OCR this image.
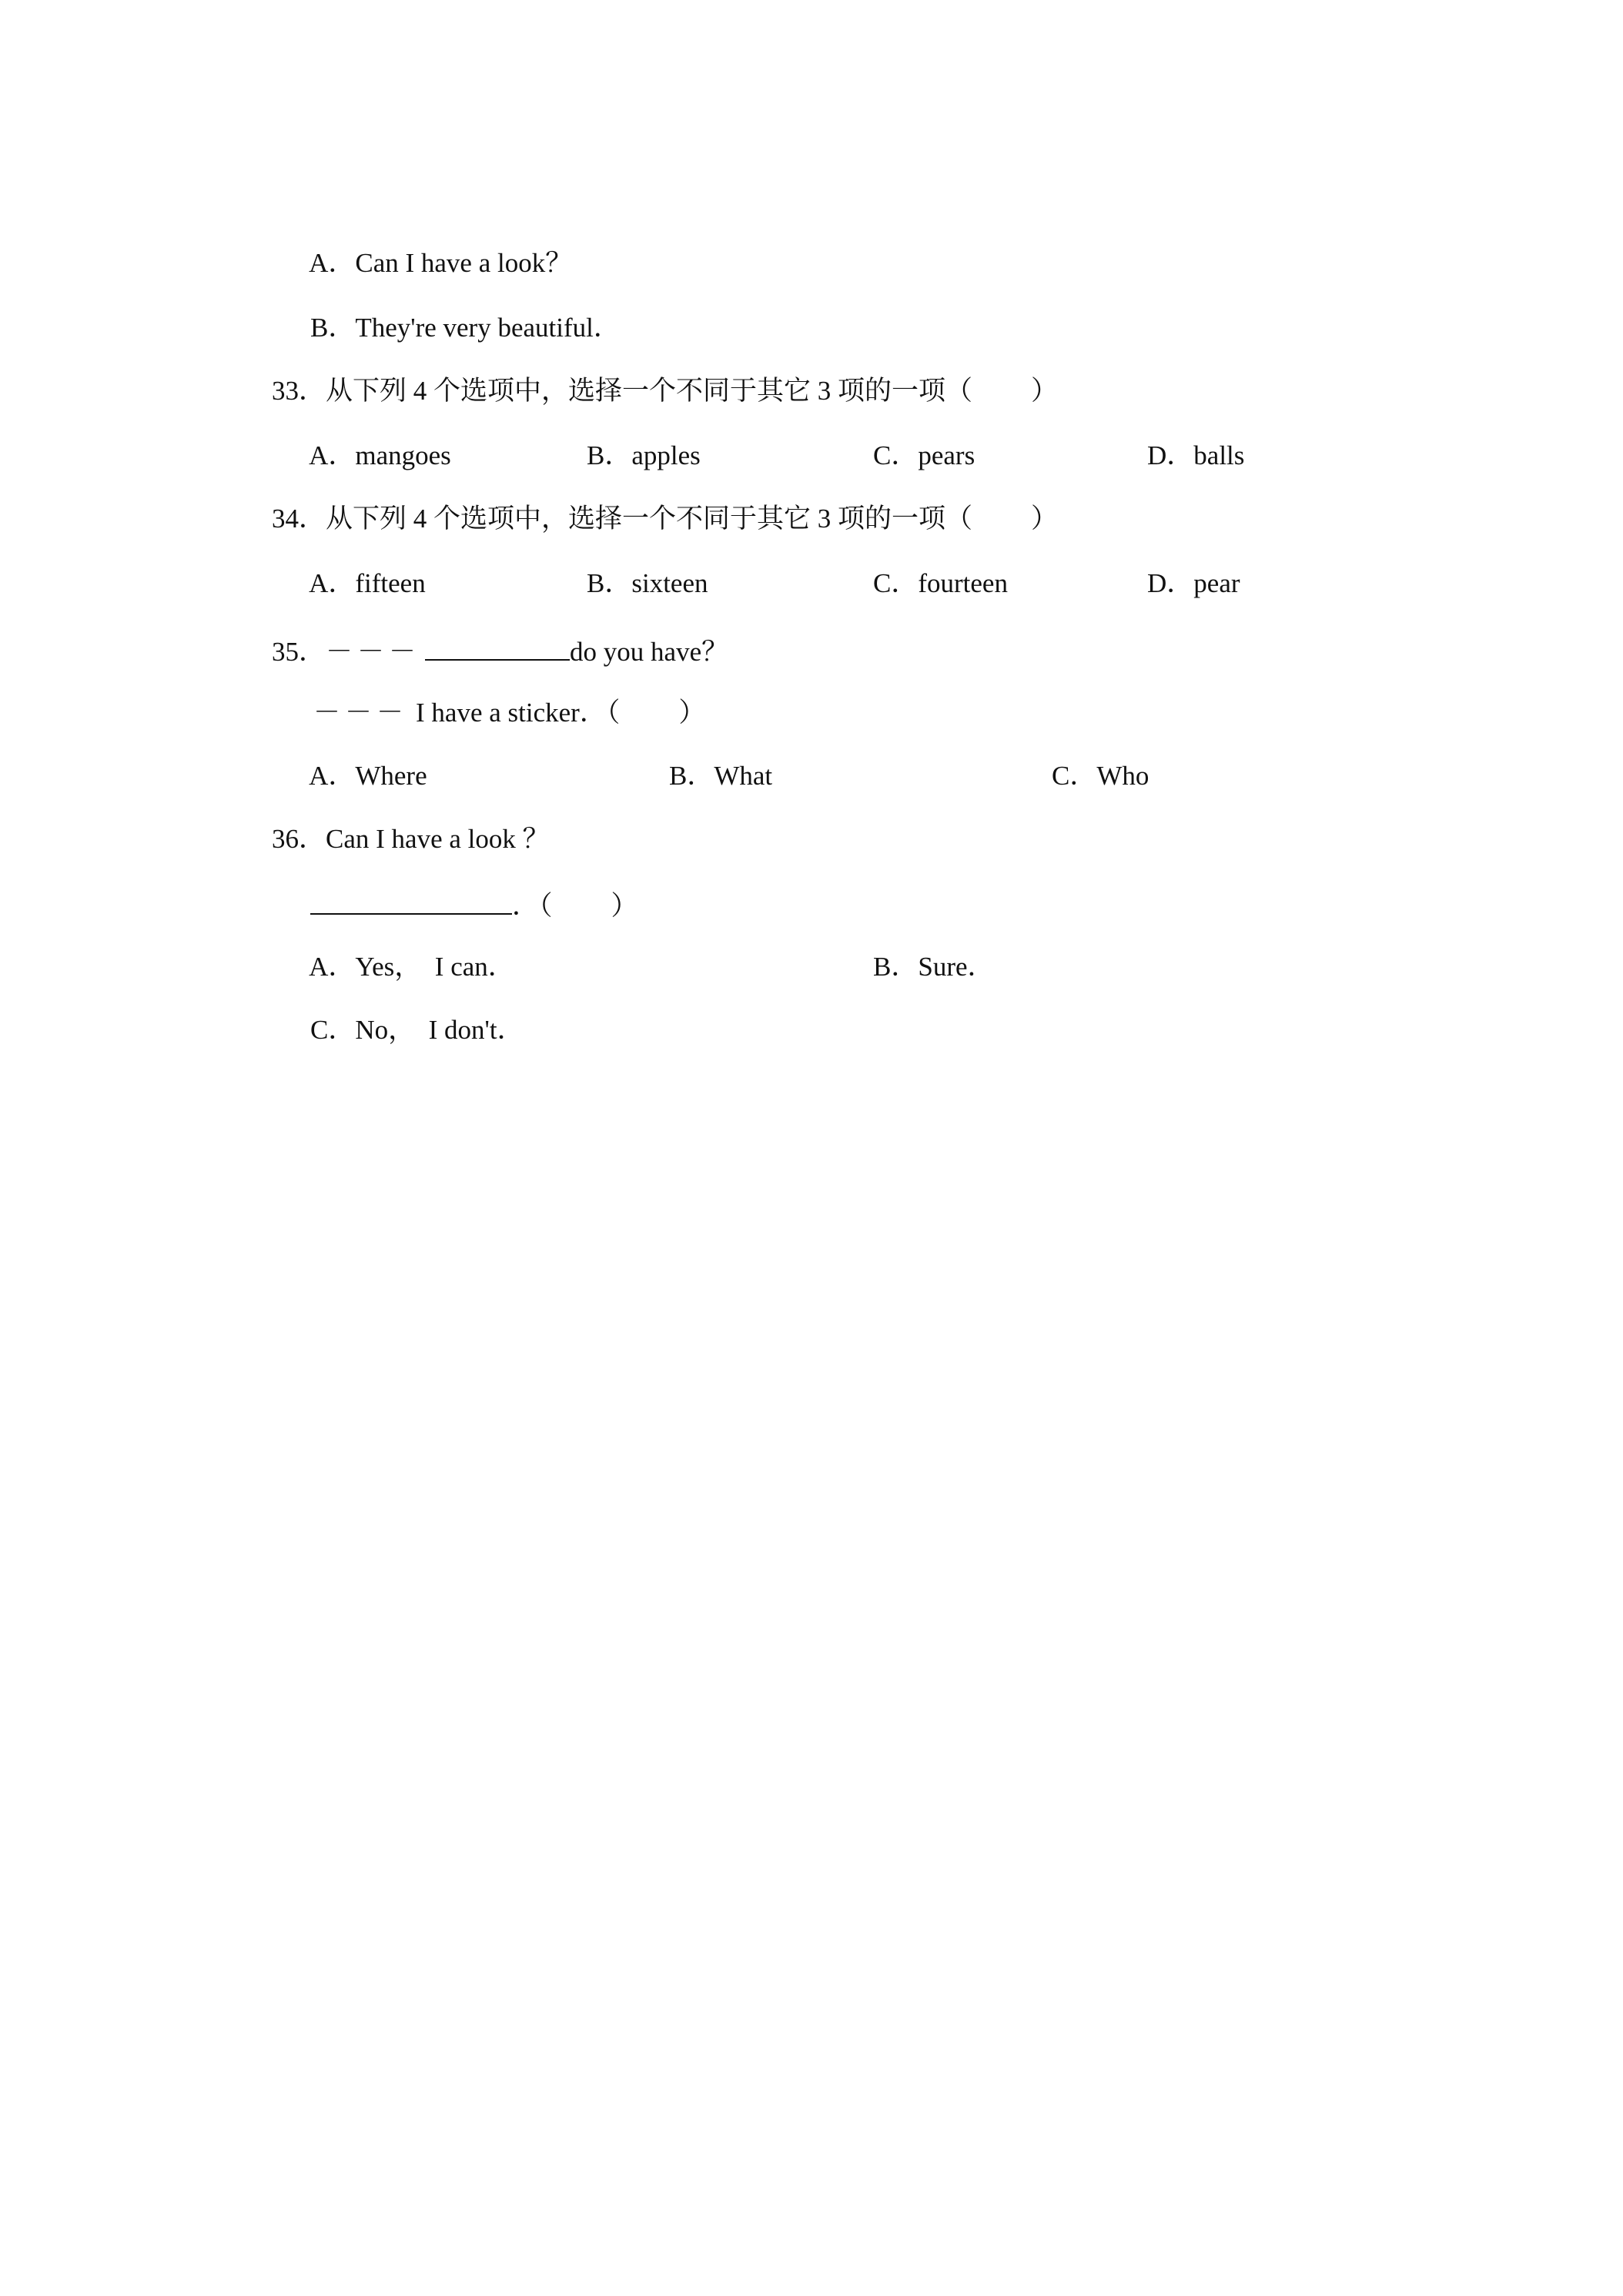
A．Can I have a look？

B．They're very beautiful．

33．从下列 4 个选项中，选择一个不同于其它 3 项的一项（ ）

A．mangoes
	B．apples
	C．pears
	D．balls

34．从下列 4 个选项中，选择一个不同于其它 3 项的一项（ ）

A．fifteen
	B．sixteen
	C．fourteen
	D．pear

35．－－－	do you have？

－－－ I have a sticker．（ ）

A．Where
	B．What
	C．Who

36．Can I have a look ？

．（ ）

A．Yes，  I can．
	B．Sure．

C．No，  I don't．
